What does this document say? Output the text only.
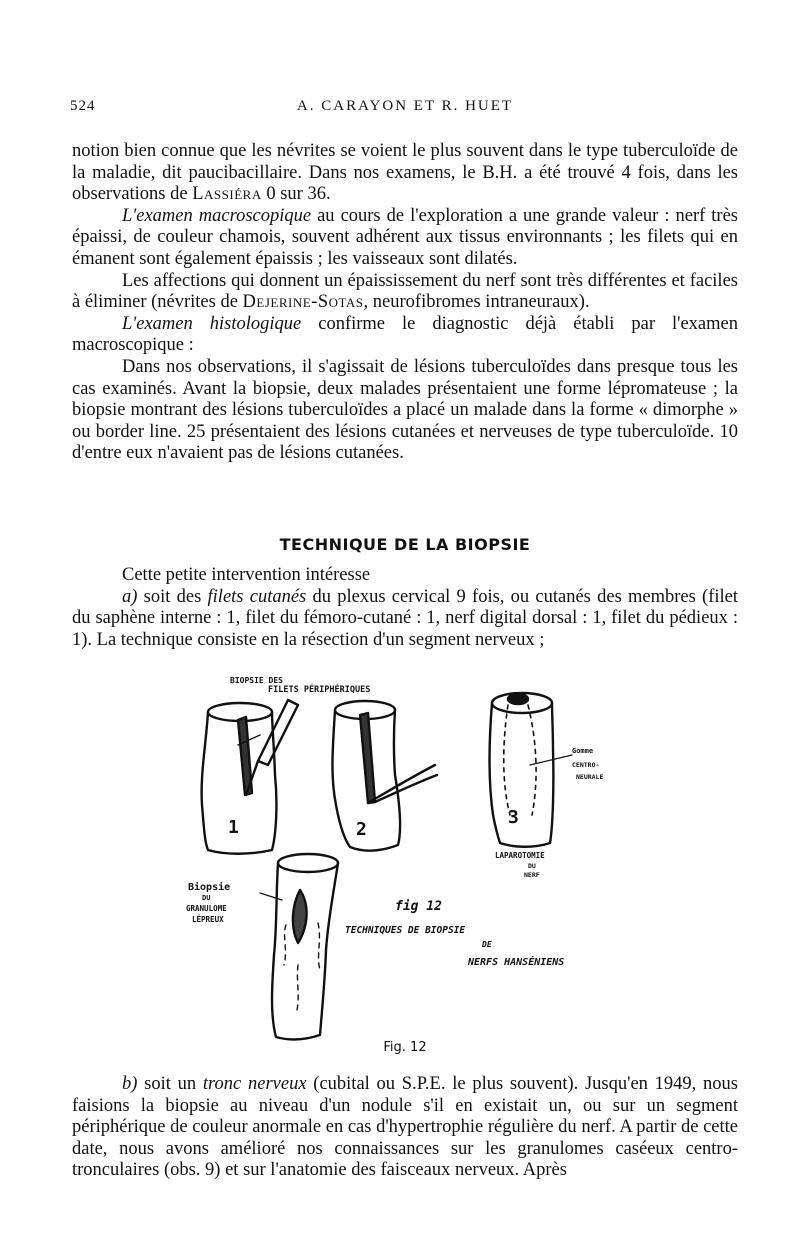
524	A. CARAYON ET R. HUET

notion bien connue que les névrites se voient le plus souvent dans le type tuberculoïde de la maladie, dit paucibacillaire. Dans nos examens, le B.H. a été trouvé 4 fois, dans les observations de Lassiéra 0 sur 36.

L'examen macroscopique au cours de l'exploration a une grande valeur : nerf très épaissi, de couleur chamois, souvent adhérent aux tissus environnants ; les filets qui en émanent sont également épaissis ; les vaisseaux sont dilatés.

Les affections qui donnent un épaississement du nerf sont très différentes et faciles à éliminer (névrites de Dejerine-Sotas, neurofibromes intraneuraux).

L'examen histologique confirme le diagnostic déjà établi par l'examen macroscopique :

Dans nos observations, il s'agissait de lésions tuberculoïdes dans presque tous les cas examinés. Avant la biopsie, deux malades présentaient une forme lépromateuse ; la biopsie montrant des lésions tuberculoïdes a placé un malade dans la forme « dimorphe » ou border line. 25 présentaient des lésions cutanées et nerveuses de type tuberculoïde. 10 d'entre eux n'avaient pas de lésions cutanées.

TECHNIQUE DE LA BIOPSIE

Cette petite intervention intéresse

a) soit des filets cutanés du plexus cervical 9 fois, ou cutanés des membres (filet du saphène interne : 1, filet du fémoro-cutané : 1, nerf digital dorsal : 1, filet du pédieux : 1). La technique consiste en la résection d'un segment nerveux ;

1	2
3
BIOPSIE DES
FILETS PÉRIPHÉRIQUES
Gomme
CENTRO-
NEURALE
LAPAROTOMIE
DU
NERF
Biopsie
DU
GRANULOME
LÉPREUX
fig 12
TECHNIQUES DE BIOPSIE
DE
NERFS HANSÉNIENS
Fig. 12

b) soit un tronc nerveux (cubital ou S.P.E. le plus souvent). Jusqu'en 1949, nous faisions la biopsie au niveau d'un nodule s'il en existait un, ou sur un segment périphérique de couleur anormale en cas d'hypertrophie régulière du nerf. A partir de cette date, nous avons amélioré nos connaissances sur les granulomes caséeux centro-tronculaires (obs. 9) et sur l'anatomie des faisceaux nerveux. Après
